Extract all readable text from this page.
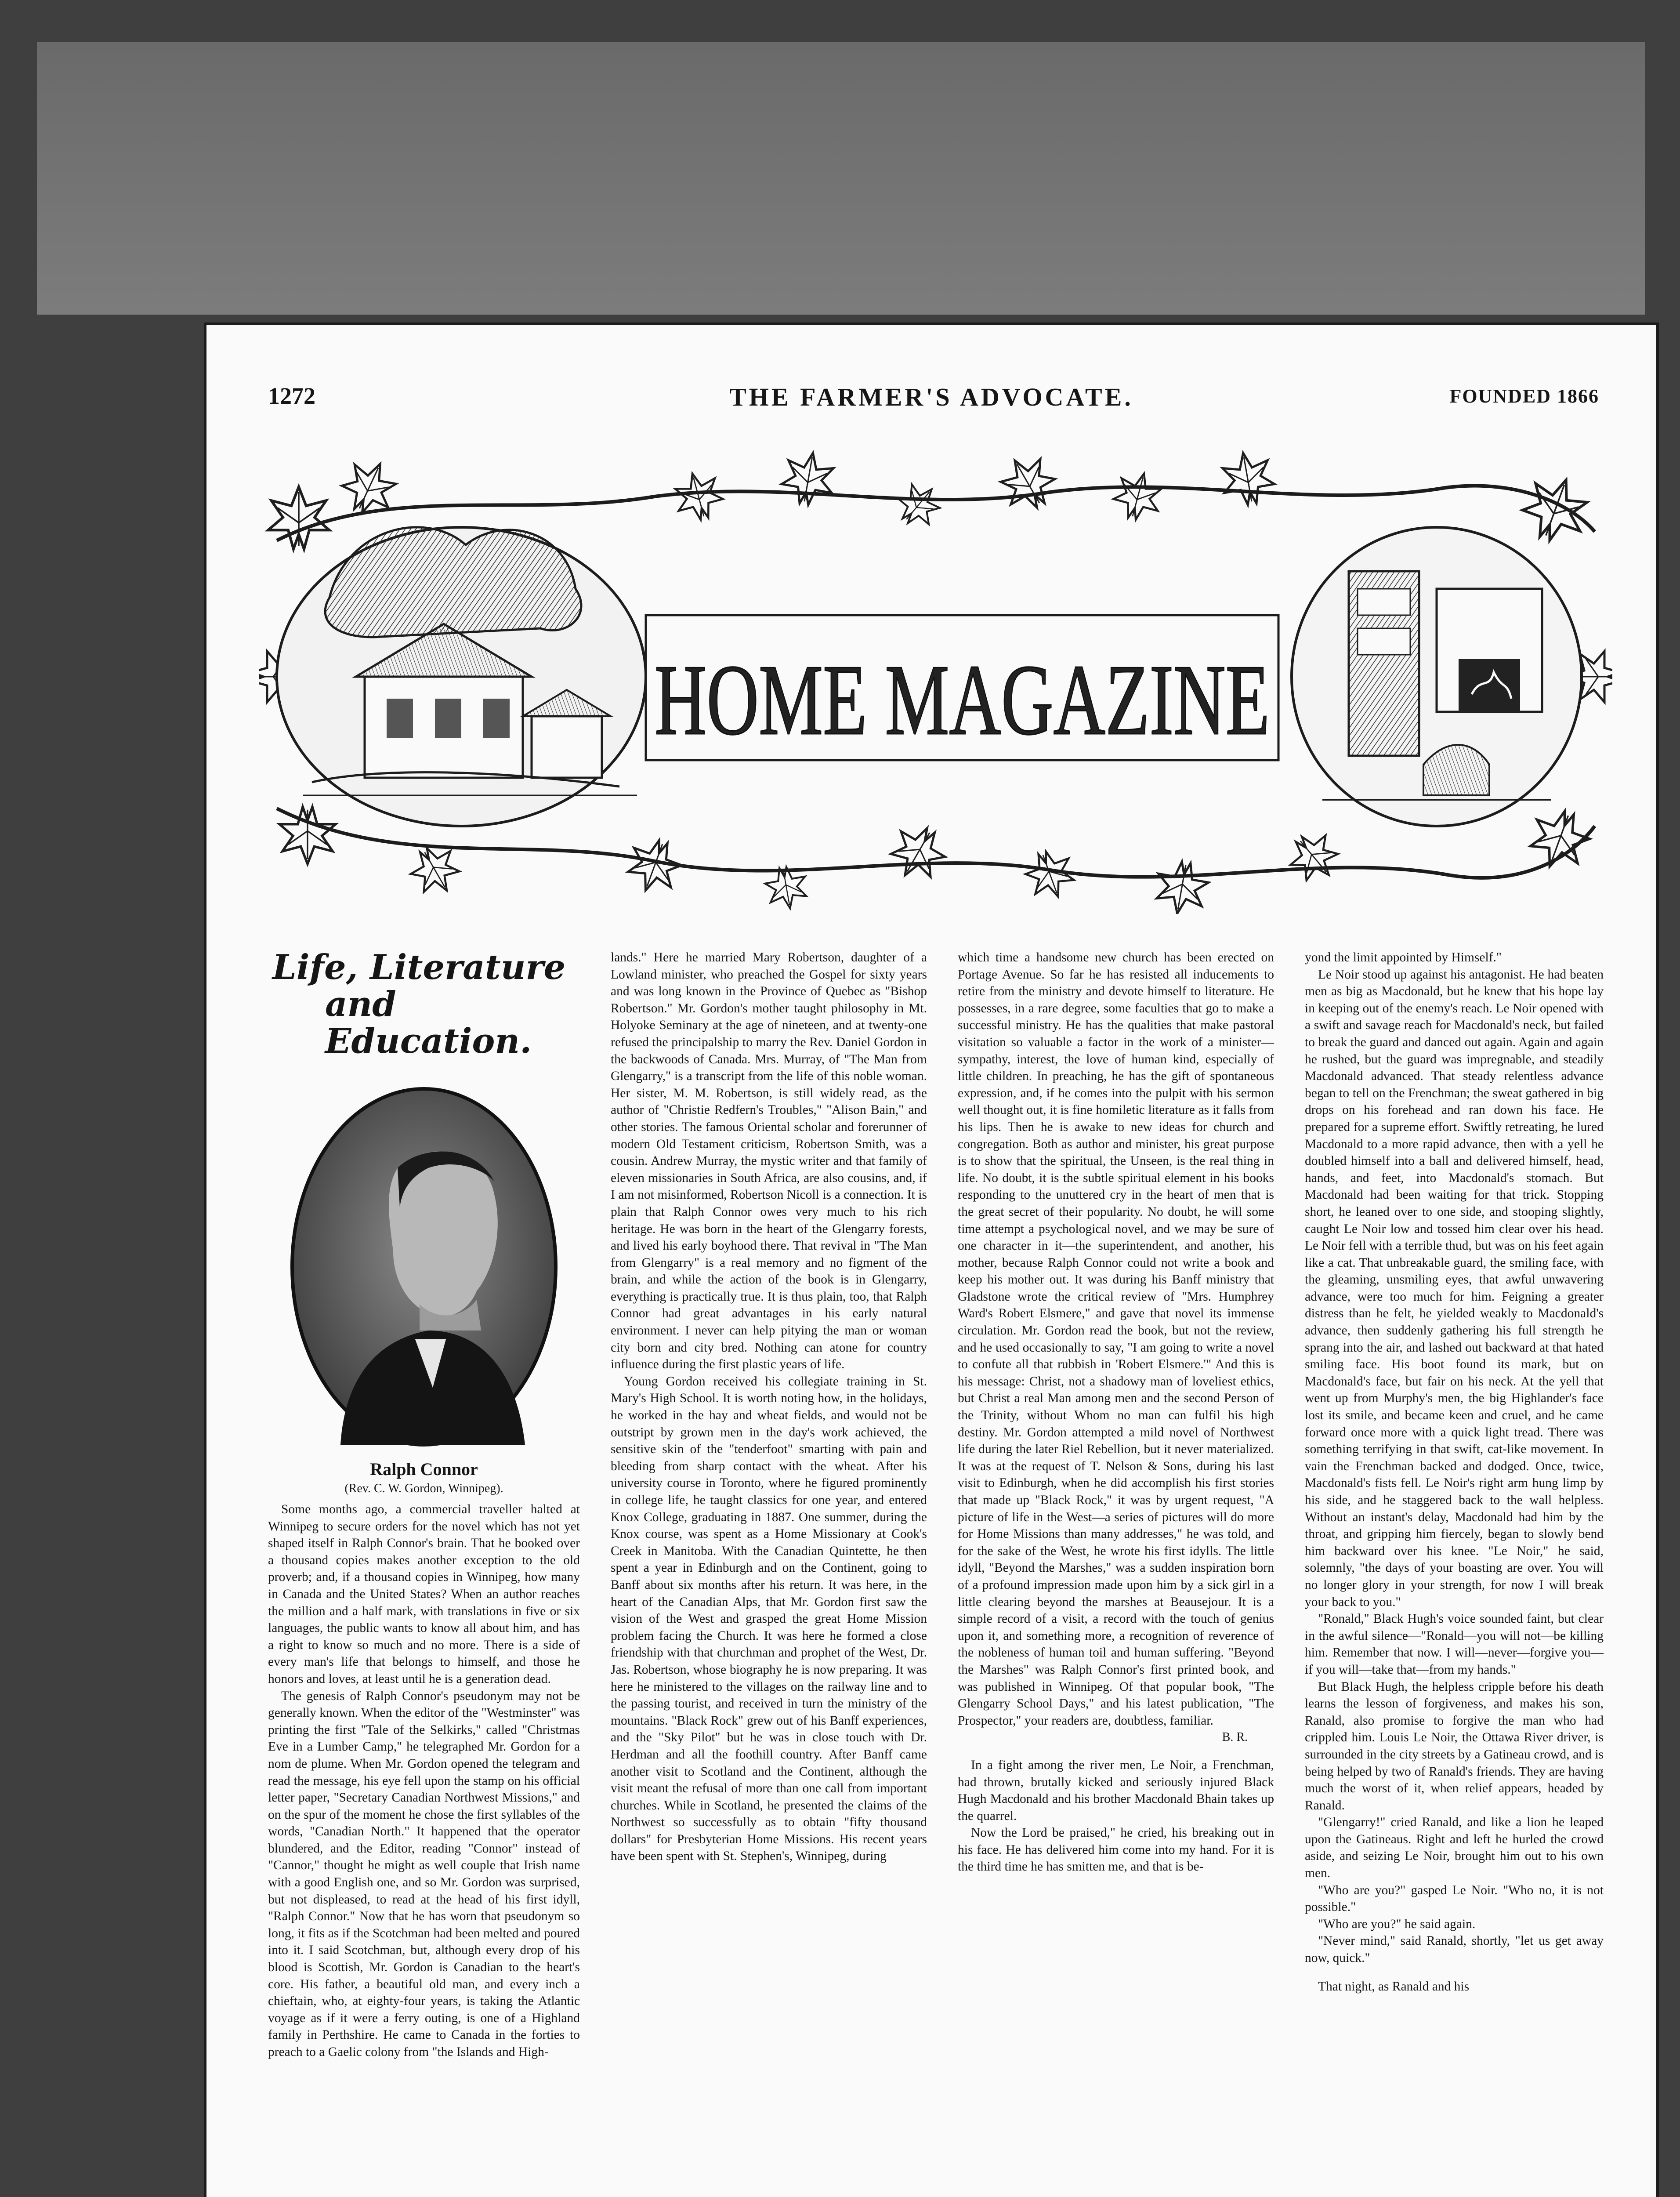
1272	THE FARMER'S ADVOCATE.	FOUNDED 1866
HOME MAGAZINE
Life, Literature
and Education.
Ralph Connor
(Rev. C. W. Gordon, Winnipeg).

Some months ago, a commercial traveller halted at Winnipeg to secure orders for the novel which has not yet shaped itself in Ralph Connor's brain. That he booked over a thousand copies makes another exception to the old proverb; and, if a thousand copies in Winnipeg, how many in Canada and the United States? When an author reaches the million and a half mark, with translations in five or six languages, the public wants to know all about him, and has a right to know so much and no more. There is a side of every man's life that belongs to himself, and those he honors and loves, at least until he is a generation dead.

The genesis of Ralph Connor's pseudonym may not be generally known. When the editor of the "Westminster" was printing the first "Tale of the Selkirks," called "Christmas Eve in a Lumber Camp," he telegraphed Mr. Gordon for a nom de plume. When Mr. Gordon opened the telegram and read the message, his eye fell upon the stamp on his official letter paper, "Secretary Canadian Northwest Missions," and on the spur of the moment he chose the first syllables of the words, "Canadian North." It happened that the operator blundered, and the Editor, reading "Connor" instead of "Cannor," thought he might as well couple that Irish name with a good English one, and so Mr. Gordon was surprised, but not displeased, to read at the head of his first idyll, "Ralph Connor." Now that he has worn that pseudonym so long, it fits as if the Scotchman had been melted and poured into it. I said Scotchman, but, although every drop of his blood is Scottish, Mr. Gordon is Canadian to the heart's core. His father, a beautiful old man, and every inch a chieftain, who, at eighty-four years, is taking the Atlantic voyage as if it were a ferry outing, is one of a Highland family in Perthshire. He came to Canada in the forties to preach to a Gaelic colony from "the Islands and High-

lands." Here he married Mary Robertson, daughter of a Lowland minister, who preached the Gospel for sixty years and was long known in the Province of Quebec as "Bishop Robertson." Mr. Gordon's mother taught philosophy in Mt. Holyoke Seminary at the age of nineteen, and at twenty-one refused the principalship to marry the Rev. Daniel Gordon in the backwoods of Canada. Mrs. Murray, of "The Man from Glengarry," is a transcript from the life of this noble woman. Her sister, M. M. Robertson, is still widely read, as the author of "Christie Redfern's Troubles," "Alison Bain," and other stories. The famous Oriental scholar and forerunner of modern Old Testament criticism, Robertson Smith, was a cousin. Andrew Murray, the mystic writer and that family of eleven missionaries in South Africa, are also cousins, and, if I am not misinformed, Robertson Nicoll is a connection. It is plain that Ralph Connor owes very much to his rich heritage. He was born in the heart of the Glengarry forests, and lived his early boyhood there. That revival in "The Man from Glengarry" is a real memory and no figment of the brain, and while the action of the book is in Glengarry, everything is practically true. It is thus plain, too, that Ralph Connor had great advantages in his early natural environment. I never can help pitying the man or woman city born and city bred. Nothing can atone for country influence during the first plastic years of life.

Young Gordon received his collegiate training in St. Mary's High School. It is worth noting how, in the holidays, he worked in the hay and wheat fields, and would not be outstript by grown men in the day's work achieved, the sensitive skin of the "tenderfoot" smarting with pain and bleeding from sharp contact with the wheat. After his university course in Toronto, where he figured prominently in college life, he taught classics for one year, and entered Knox College, graduating in 1887. One summer, during the Knox course, was spent as a Home Missionary at Cook's Creek in Manitoba. With the Canadian Quintette, he then spent a year in Edinburgh and on the Continent, going to Banff about six months after his return. It was here, in the heart of the Canadian Alps, that Mr. Gordon first saw the vision of the West and grasped the great Home Mission problem facing the Church. It was here he formed a close friendship with that churchman and prophet of the West, Dr. Jas. Robertson, whose biography he is now preparing. It was here he ministered to the villages on the railway line and to the passing tourist, and received in turn the ministry of the mountains. "Black Rock" grew out of his Banff experiences, and the "Sky Pilot" but he was in close touch with Dr. Herdman and all the foothill country. After Banff came another visit to Scotland and the Continent, although the visit meant the refusal of more than one call from important churches. While in Scotland, he presented the claims of the Northwest so successfully as to obtain "fifty thousand dollars" for Presbyterian Home Missions. His recent years have been spent with St. Stephen's, Winnipeg, during

which time a handsome new church has been erected on Portage Avenue. So far he has resisted all inducements to retire from the ministry and devote himself to literature. He possesses, in a rare degree, some faculties that go to make a successful ministry. He has the qualities that make pastoral visitation so valuable a factor in the work of a minister—sympathy, interest, the love of human kind, especially of little children. In preaching, he has the gift of spontaneous expression, and, if he comes into the pulpit with his sermon well thought out, it is fine homiletic literature as it falls from his lips. Then he is awake to new ideas for church and congregation. Both as author and minister, his great purpose is to show that the spiritual, the Unseen, is the real thing in life. No doubt, it is the subtle spiritual element in his books responding to the unuttered cry in the heart of men that is the great secret of their popularity. No doubt, he will some time attempt a psychological novel, and we may be sure of one character in it—the superintendent, and another, his mother, because Ralph Connor could not write a book and keep his mother out. It was during his Banff ministry that Gladstone wrote the critical review of "Mrs. Humphrey Ward's Robert Elsmere," and gave that novel its immense circulation. Mr. Gordon read the book, but not the review, and he used occasionally to say, "I am going to write a novel to confute all that rubbish in 'Robert Elsmere.'" And this is his message: Christ, not a shadowy man of loveliest ethics, but Christ a real Man among men and the second Person of the Trinity, without Whom no man can fulfil his high destiny. Mr. Gordon attempted a mild novel of Northwest life during the later Riel Rebellion, but it never materialized. It was at the request of T. Nelson & Sons, during his last visit to Edinburgh, when he did accomplish his first stories that made up "Black Rock," it was by urgent request, "A picture of life in the West—a series of pictures will do more for Home Missions than many addresses," he was told, and for the sake of the West, he wrote his first idylls. The little idyll, "Beyond the Marshes," was a sudden inspiration born of a profound impression made upon him by a sick girl in a little clearing beyond the marshes at Beausejour. It is a simple record of a visit, a record with the touch of genius upon it, and something more, a recognition of reverence of the nobleness of human toil and human suffering. "Beyond the Marshes" was Ralph Connor's first printed book, and was published in Winnipeg. Of that popular book, "The Glengarry School Days," and his latest publication, "The Prospector," your readers are, doubtless, familiar.

B. R.

In a fight among the river men, Le Noir, a Frenchman, had thrown, brutally kicked and seriously injured Black Hugh Macdonald and his brother Macdonald Bhain takes up the quarrel.

Now the Lord be praised," he cried, his breaking out in his face. He has delivered him come into my hand. For it is the third time he has smitten me, and that is be-

yond the limit appointed by Himself."

Le Noir stood up against his antagonist. He had beaten men as big as Macdonald, but he knew that his hope lay in keeping out of the enemy's reach. Le Noir opened with a swift and savage reach for Macdonald's neck, but failed to break the guard and danced out again. Again and again he rushed, but the guard was impregnable, and steadily Macdonald advanced. That steady relentless advance began to tell on the Frenchman; the sweat gathered in big drops on his forehead and ran down his face. He prepared for a supreme effort. Swiftly retreating, he lured Macdonald to a more rapid advance, then with a yell he doubled himself into a ball and delivered himself, head, hands, and feet, into Macdonald's stomach. But Macdonald had been waiting for that trick. Stopping short, he leaned over to one side, and stooping slightly, caught Le Noir low and tossed him clear over his head. Le Noir fell with a terrible thud, but was on his feet again like a cat. That unbreakable guard, the smiling face, with the gleaming, unsmiling eyes, that awful unwavering advance, were too much for him. Feigning a greater distress than he felt, he yielded weakly to Macdonald's advance, then suddenly gathering his full strength he sprang into the air, and lashed out backward at that hated smiling face. His boot found its mark, but on Macdonald's face, but fair on his neck. At the yell that went up from Murphy's men, the big Highlander's face lost its smile, and became keen and cruel, and he came forward once more with a quick light tread. There was something terrifying in that swift, cat-like movement. In vain the Frenchman backed and dodged. Once, twice, Macdonald's fists fell. Le Noir's right arm hung limp by his side, and he staggered back to the wall helpless. Without an instant's delay, Macdonald had him by the throat, and gripping him fiercely, began to slowly bend him backward over his knee. "Le Noir," he said, solemnly, "the days of your boasting are over. You will no longer glory in your strength, for now I will break your back to you."

"Ronald," Black Hugh's voice sounded faint, but clear in the awful silence—"Ronald—you will not—be killing him. Remember that now. I will—never—forgive you—if you will—take that—from my hands."

But Black Hugh, the helpless cripple before his death learns the lesson of forgiveness, and makes his son, Ranald, also promise to forgive the man who had crippled him. Louis Le Noir, the Ottawa River driver, is surrounded in the city streets by a Gatineau crowd, and is being helped by two of Ranald's friends. They are having much the worst of it, when relief appears, headed by Ranald.

"Glengarry!" cried Ranald, and like a lion he leaped upon the Gatineaus. Right and left he hurled the crowd aside, and seizing Le Noir, brought him out to his own men.

"Who are you?" gasped Le Noir. "Who no, it is not possible."

"Who are you?" he said again.

"Never mind," said Ranald, shortly, "let us get away now, quick."

That night, as Ranald and his
